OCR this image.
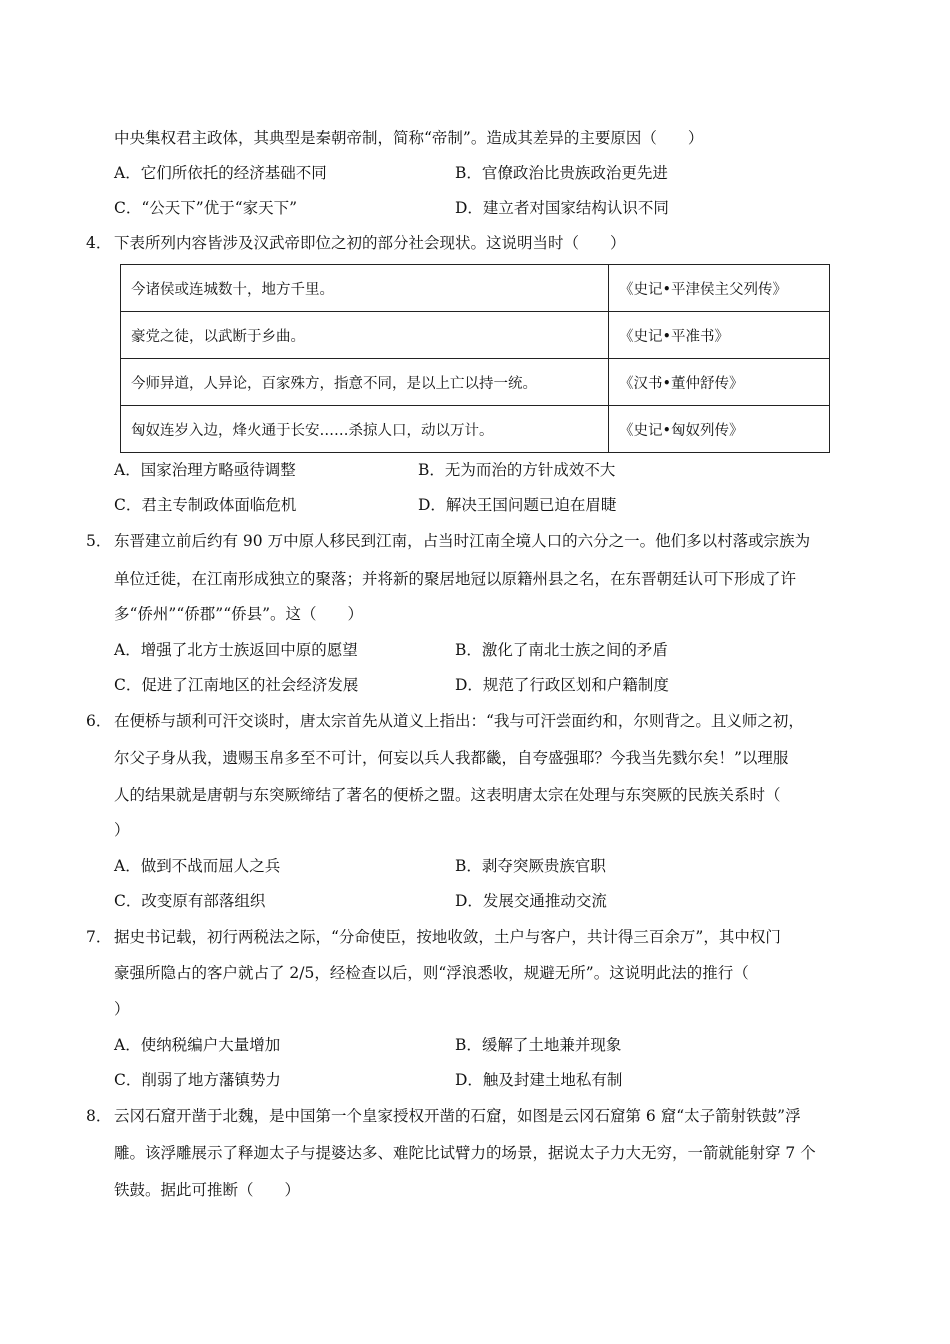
中央集权君主政体，其典型是秦朝帝制，简称“帝制”。造成其差异的主要原因（　　）
A．它们所依托的经济基础不同	B．官僚政治比贵族政治更先进
C．“公天下”优于“家天下”	D．建立者对国家结构认识不同
4． 下表所列内容皆涉及汉武帝即位之初的部分社会现状。这说明当时（　　）
今诸侯或连城数十，地方千里。	《史记•平津侯主父列传》
豪党之徒，以武断于乡曲。	《史记•平准书》
今师异道，人异论，百家殊方，指意不同，是以上亡以持一统。	《汉书•董仲舒传》
匈奴连岁入边，烽火通于长安……杀掠人口，动以万计。	《史记•匈奴列传》
A．国家治理方略亟待调整	B．无为而治的方针成效不大
C．君主专制政体面临危机	D．解决王国问题已迫在眉睫
5． 东晋建立前后约有 90 万中原人移民到江南，占当时江南全境人口的六分之一。他们多以村落或宗族为
单位迁徙，在江南形成独立的聚落；并将新的聚居地冠以原籍州县之名，在东晋朝廷认可下形成了许
多“侨州”“侨郡”“侨县”。这（　　）
A．增强了北方士族返回中原的愿望	B．激化了南北士族之间的矛盾
C．促进了江南地区的社会经济发展	D．规范了行政区划和户籍制度
6． 在便桥与颉利可汗交谈时，唐太宗首先从道义上指出：“我与可汗尝面约和，尔则背之。且义师之初，
尔父子身从我，遗赐玉帛多至不可计，何妄以兵人我都畿，自夸盛强耶？今我当先戮尔矣！”以理服
人的结果就是唐朝与东突厥缔结了著名的便桥之盟。这表明唐太宗在处理与东突厥的民族关系时（
）
A．做到不战而屈人之兵	B．剥夺突厥贵族官职
C．改变原有部落组织	D．发展交通推动交流
7． 据史书记载，初行两税法之际，“分命使臣，按地收敛，土户与客户，共计得三百余万”，其中权门
豪强所隐占的客户就占了 2/5，经检查以后，则“浮浪悉收，规避无所”。这说明此法的推行（
）
A．使纳税编户大量增加	B．缓解了土地兼并现象
C．削弱了地方藩镇势力	D．触及封建土地私有制
8． 云冈石窟开凿于北魏，是中国第一个皇家授权开凿的石窟，如图是云冈石窟第 6 窟“太子箭射铁鼓”浮
雕。该浮雕展示了释迦太子与提婆达多、难陀比试臂力的场景，据说太子力大无穷，一箭就能射穿 7 个
铁鼓。据此可推断（　　）
